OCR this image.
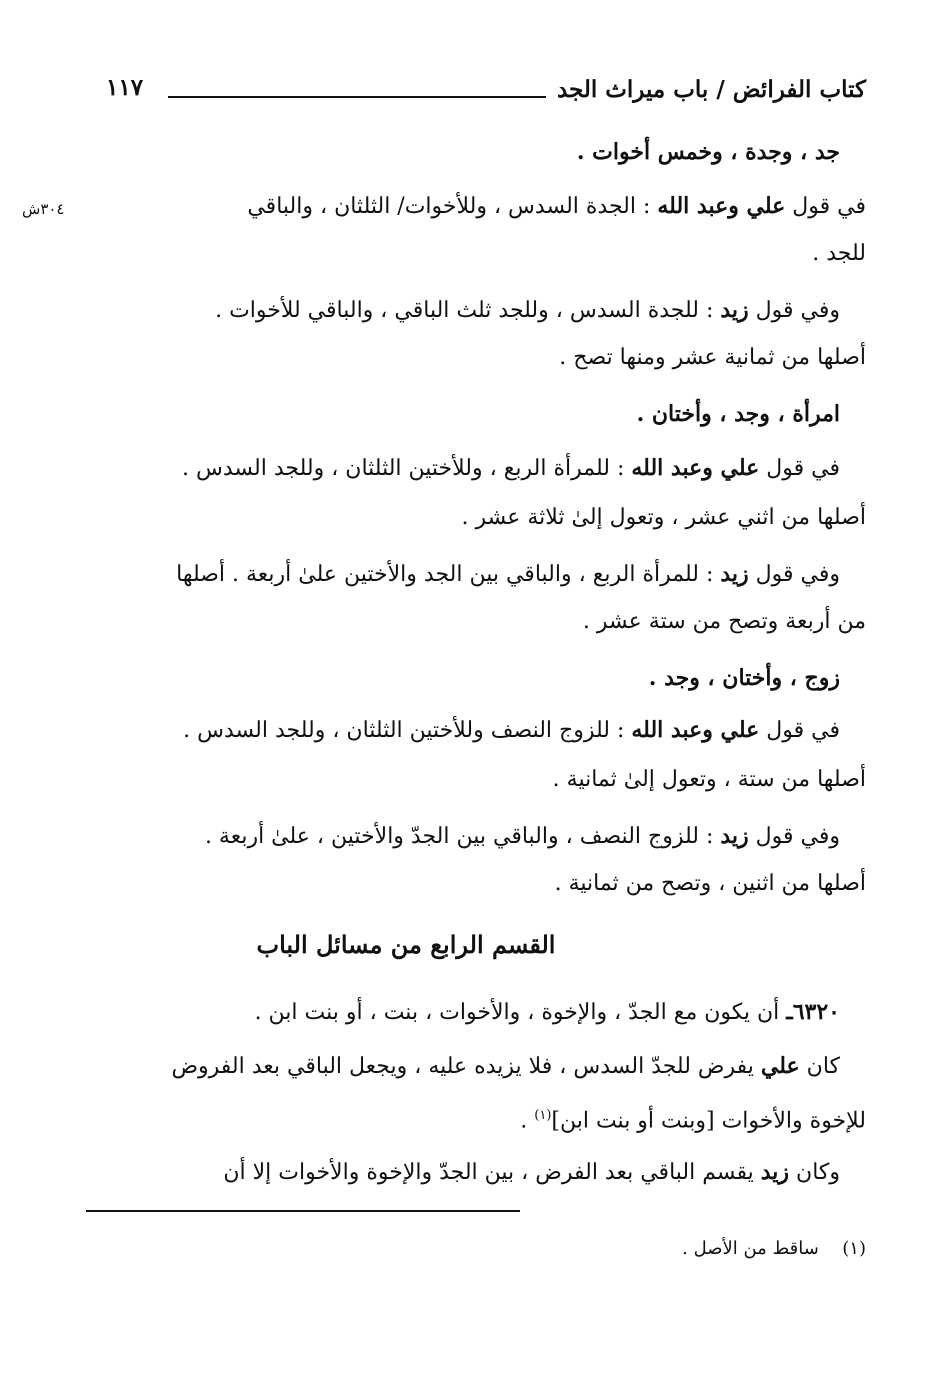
كتاب الفرائض / باب ميراث الجد
١١٧
جد ، وجدة ، وخمس أخوات .
في قول علي وعبد الله : الجدة السدس ، وللأخوات/ الثلثان ، والباقي
٣٠٤ش
للجد .
وفي قول زيد : للجدة السدس ، وللجد ثلث الباقي ، والباقي للأخوات .
أصلها من ثمانية عشر ومنها تصح .
امرأة ، وجد ، وأختان .
في قول علي وعبد الله : للمرأة الربع ، وللأختين الثلثان ، وللجد السدس .
أصلها من اثني عشر ، وتعول إلىٰ ثلاثة عشر .
وفي قول زيد : للمرأة الربع ، والباقي بين الجد والأختين علىٰ أربعة . أصلها
من أربعة وتصح من ستة عشر .
زوج ، وأختان ، وجد .
في قول علي وعبد الله : للزوج النصف وللأختين الثلثان ، وللجد السدس .
أصلها من ستة ، وتعول إلىٰ ثمانية .
وفي قول زيد : للزوج النصف ، والباقي بين الجدّ والأختين ، علىٰ أربعة .
أصلها من اثنين ، وتصح من ثمانية .
القسم الرابع من مسائل الباب
٦٣٢٠ـ أن يكون مع الجدّ ، والإخوة ، والأخوات ، بنت ، أو بنت ابن .
كان علي يفرض للجدّ السدس ، فلا يزيده عليه ، ويجعل الباقي بعد الفروض
للإخوة والأخوات [وبنت أو بنت ابن]$^{(١)}$ .
وكان زيد يقسم الباقي بعد الفرض ، بين الجدّ والإخوة والأخوات إلا أن
(١)  ساقط من الأصل .
